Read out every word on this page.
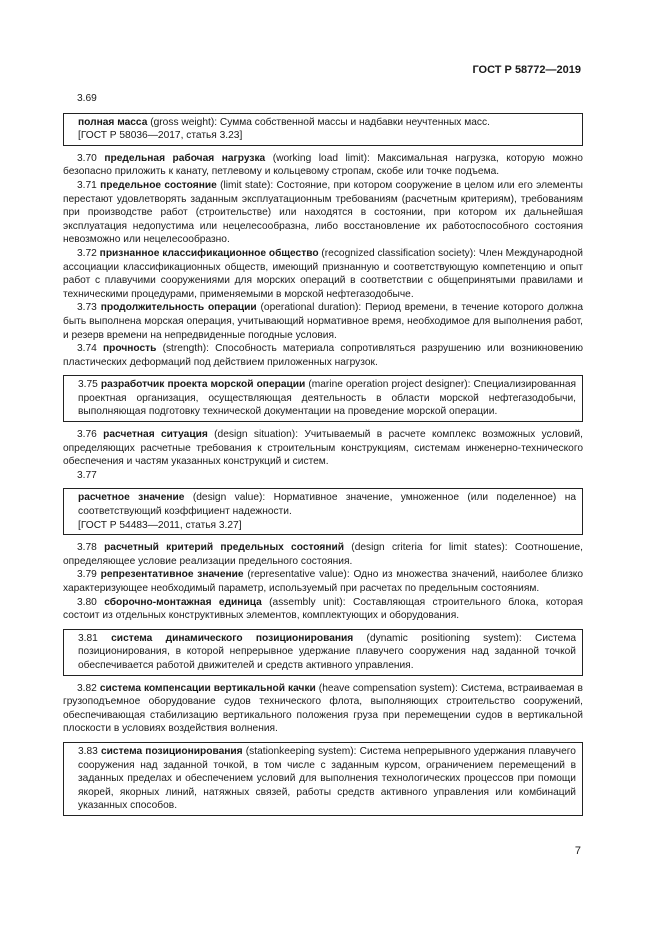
ГОСТ Р 58772—2019

3.69

полная масса (gross weight): Сумма собственной массы и надбавки неучтенных масс.

[ГОСТ Р 58036—2017, статья 3.23]

3.70 предельная рабочая нагрузка (working load limit): Максимальная нагрузка, которую можно безопасно приложить к канату, петлевому и кольцевому стропам, скобе или точке подъема.

3.71 предельное состояние (limit state): Состояние, при котором сооружение в целом или его элементы перестают удовлетворять заданным эксплуатационным требованиям (расчетным критериям), требованиям при производстве работ (строительстве) или находятся в состоянии, при котором их дальнейшая эксплуатация недопустима или нецелесообразна, либо восстановление их работоспособного состояния невозможно или нецелесообразно.

3.72 признанное классификационное общество (recognized classification society): Член Международной ассоциации классификационных обществ, имеющий признанную и соответствующую компетенцию и опыт работ с плавучими сооружениями для морских операций в соответствии с общепринятыми правилами и техническими процедурами, применяемыми в морской нефтегазодобыче.

3.73 продолжительность операции (operational duration): Период времени, в течение которого должна быть выполнена морская операция, учитывающий нормативное время, необходимое для выполнения работ, и резерв времени на непредвиденные погодные условия.

3.74 прочность (strength): Способность материала сопротивляться разрушению или возникновению пластических деформаций под действием приложенных нагрузок.

3.75 разработчик проекта морской операции (marine operation project designer): Специализированная проектная организация, осуществляющая деятельность в области морской нефтегазодобычи, выполняющая подготовку технической документации на проведение морской операции.

3.76 расчетная ситуация (design situation): Учитываемый в расчете комплекс возможных условий, определяющих расчетные требования к строительным конструкциям, системам инженерно-технического обеспечения и частям указанных конструкций и систем.

3.77

расчетное значение (design value): Нормативное значение, умноженное (или поделенное) на соответствующий коэффициент надежности.

[ГОСТ Р 54483—2011, статья 3.27]

3.78 расчетный критерий предельных состояний (design criteria for limit states): Соотношение, определяющее условие реализации предельного состояния.

3.79 репрезентативное значение (representative value): Одно из множества значений, наиболее близко характеризующее необходимый параметр, используемый при расчетах по предельным состояниям.

3.80 сборочно-монтажная единица (assembly unit): Составляющая строительного блока, которая состоит из отдельных конструктивных элементов, комплектующих и оборудования.

3.81 система динамического позиционирования (dynamic positioning system): Система позиционирования, в которой непрерывное удержание плавучего сооружения над заданной точкой обеспечивается работой движителей и средств активного управления.

3.82 система компенсации вертикальной качки (heave compensation system): Система, встраиваемая в грузоподъемное оборудование судов технического флота, выполняющих строительство сооружений, обеспечивающая стабилизацию вертикального положения груза при перемещении судов в вертикальной плоскости в условиях воздействия волнения.

3.83 система позиционирования (stationkeeping system): Система непрерывного удержания плавучего сооружения над заданной точкой, в том числе с заданным курсом, ограничением перемещений в заданных пределах и обеспечением условий для выполнения технологических процессов при помощи якорей, якорных линий, натяжных связей, работы средств активного управления или комбинаций указанных способов.

7
